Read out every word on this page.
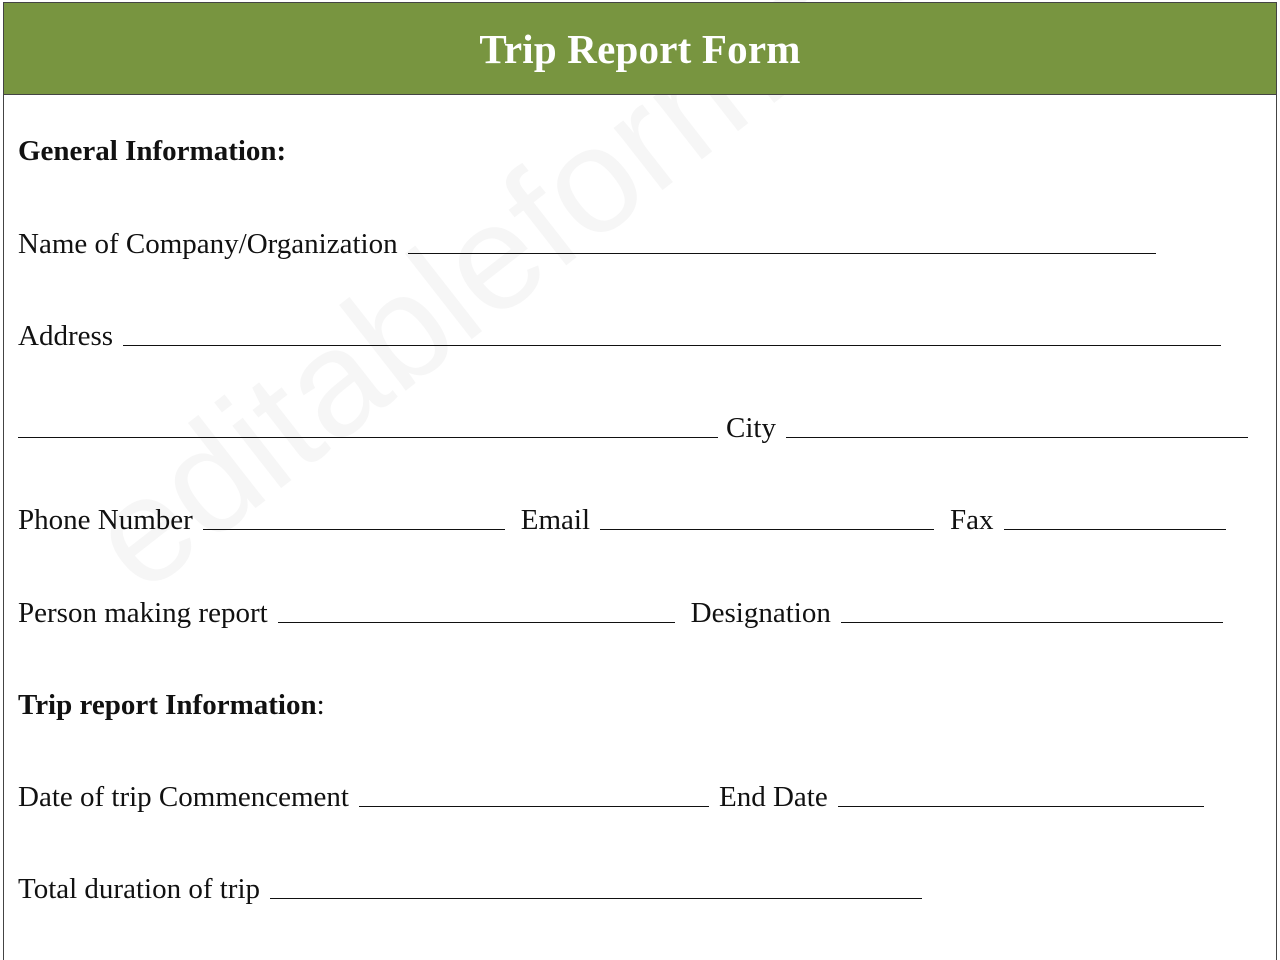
Trip Report Form
General Information:
Name of Company/Organization
Address
City
Phone Number	Email	Fax
Person making report	Designation
Trip report Information :
Date of trip Commencement	End Date
Total duration of trip
